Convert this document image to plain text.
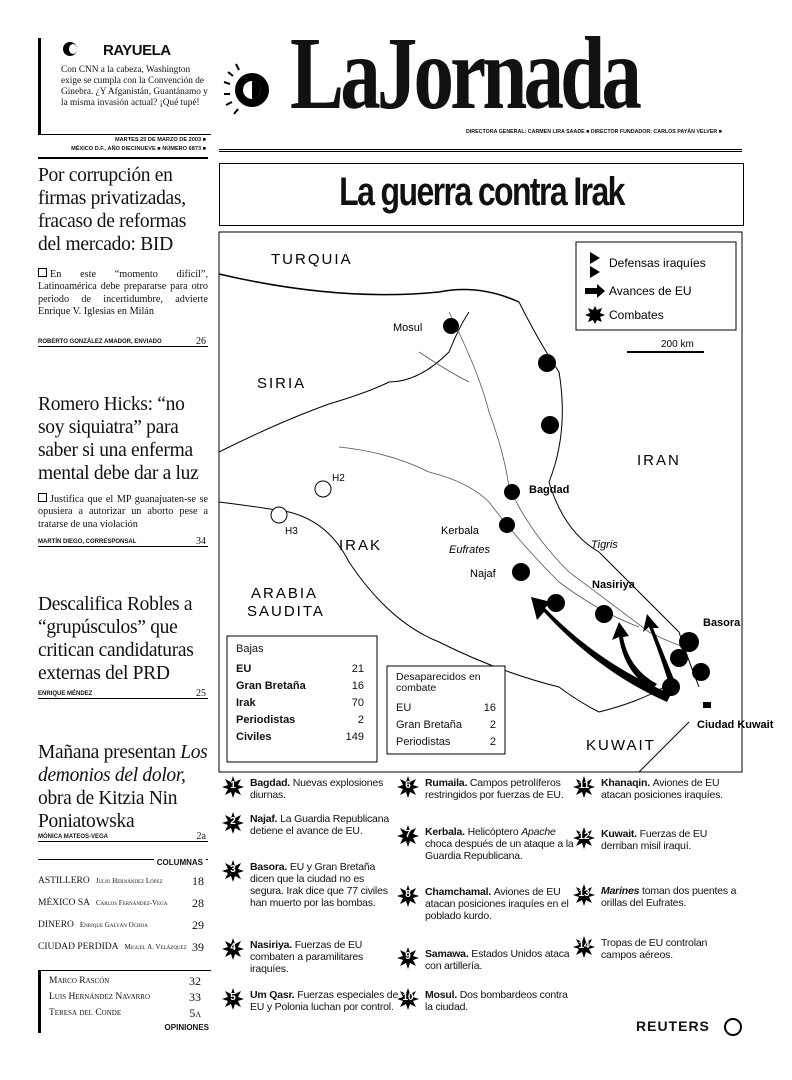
RAYUELA
Con CNN a la cabeza, Washington exige se cumpla con la Convención de Ginebra. ¿Y Afganistán, Guantánamo y la misma invasión actual? ¡Qué tupé! LaJornada
DIRECTORA GENERAL: CARMEN LIRA SAADE ■ DIRECTOR FUNDADOR: CARLOS PAYÁN VELVER ■
MARTES 25 DE MARZO DE 2003 ■
MÉXICO D.F., AÑO DIECINUEVE ■ NÚMERO 6873 ■
Por corrupción en firmas privatizadas, fracaso de reformas del mercado: BID
En este “momento difícil”, Latinoamérica debe prepararse para otro periodo de incertidumbre, advierte Enrique V. Iglesias en Milán
ROBERTO GONZÁLEZ AMADOR, ENVIADO	26
Romero Hicks: “no soy siquiatra” para saber si una enferma mental debe dar a luz
Justifica que el MP guanajuaten-se se opusiera a autorizar un aborto pese a tratarse de una violación
MARTÍN DIEGO, CORRESPONSAL	34
Descalifica Robles a “grupúsculos” que critican candidaturas externas del PRD
ENRIQUE MÉNDEZ	25
Mañana presentan Los demonios del dolor, obra de Kitzia Nin Poniatowska
MÓNICA MATEOS-VEGA	2a
COLUMNAS
ASTILLERO Julio Hernández López 18
MÉXICO SA Carlos Fernández-Vega 28
DINERO Enrique Galván Ochoa	29
CIUDAD PERDIDA Miguel A. Velázquez 39
Marco Rascón	32
Luis Hernández Navarro	33
Teresa del Conde	5a
OPINIONES
La guerra contra Irak
Defensas iraquíes
Avances de EU
Combates
200 km
TURQUIA
SIRIA
IRAK
IRAN
ARABIA
SAUDITA
KUWAIT
Mosul
Bagdad
Kerbala
Eufrates	Tigris
Najaf
Nasiriya
Basora
Ciudad Kuwait
H2
H3
Bajas
EU	21
Gran Bretaña	16
Irak	70
Periodistas	2
Civiles	149
Desaparecidos en combate
EU	16
Gran Bretaña	2
Periodistas	2
1	Bagdad. Nuevas explosiones diurnas.
2	Najaf. La Guardia Republicana detiene el avance de EU.
3	Basora. EU y Gran Bretaña dicen que la ciudad no es segura. Irak dice que 77 civiles han muerto por las bombas.
4	Nasiriya. Fuerzas de EU combaten a paramilitares iraquíes.
5	Um Qasr. Fuerzas especiales de EU y Polonia luchan por control.
6	Rumaila. Campos petrolíferos restringidos por fuerzas de EU.
7	Kerbala. Helicóptero Apache choca después de un ataque a la Guardia Republicana.
8	Chamchamal. Aviones de EU atacan posiciones iraquíes en el poblado kurdo.
9	Samawa. Estados Unidos ataca con artillería.
10	Mosul. Dos bombardeos contra la ciudad.
11	Khanaqin. Aviones de EU atacan posiciones iraquíes.
12	Kuwait. Fuerzas de EU derriban misil iraquí.
13	Marines toman dos puentes a orillas del Eufrates.
14	Tropas de EU controlan campos aéreos.
REUTERS
